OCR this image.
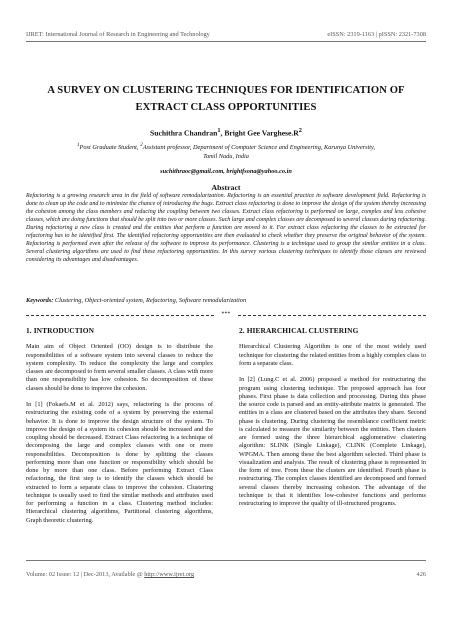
IJRET: International Journal of Research in Engineering and Technology	eISSN: 2319-1163 | pISSN: 2321-7308
A SURVEY ON CLUSTERING TECHNIQUES FOR IDENTIFICATION OF
EXTRACT CLASS OPPORTUNITIES
Suchithra Chandran$^1$, Bright Gee $Varghese.R^2$
$^1$Post Graduate Student, $^2$Assistant professor, Department of Computer Science and Engineering, Karunya University,
Tamil Nadu, India
suchithraoc@gmail.com, brightfsona@yahoo.co.in
Abstract
Refactoring is a growing research area in the field of software remodularization. Refactoring is an essential practice in software development field. Refactoring is done to clean up the code and to minimize the chance of introducing the bugs. Extract class refactoring is done to improve the design of the system thereby increasing the cohesion among the class members and reducing the coupling between two classes. Extract class refactoring is performed on large, complex and less cohesive classes, which are doing functions that should be split into two or more classes. Such large and complex classes are decomposed to several classes during refactoring. During refactoring a new class is created and the entities that perform a function are moved to it. For extract class refactoring the classes to be extracted for refactoring has to be identified first. The identified refactoring opportunities are then evaluated to check whether they preserve the original behavior of the system. Refactoring is performed even after the release of the software to improve its performance. Clustering is a technique used to group the similar entities in a class. Several clustering algorithms are used to find these refactoring opportunities. In this survey various clustering techniques to identify those classes are reviewed considering its advantages and disadvantages.
Keywords: Clustering, Object-oriented system, Refactoring, Software remodularization
***
1. INTRODUCTION

Main aim of Object Oriented (OO) design is to distribute the responsibilities of a software system into several classes to reduce the system complexity. To reduce the complexity the large and complex classes are decomposed to form several smaller classes. A class with more than one responsibility has low cohesion. So decomposition of these classes should be done to improve the cohesion.

In [1] (Fokaefs.M et al. 2012) says, refactoring is the process of restructuring the existing code of a system by preserving the external behavior. It is done to improve the design structure of the system. To improve the design of a system its cohesion should be increased and the coupling should be decreased. Extract Class refactoring is a technique of decomposing the large and complex classes with one or more responsibilities. Decomposition is done by splitting the classes performing more than one function or responsibility which should be done by more than one class. Before performing Extract Class refactoring, the first step is to identify the classes which should be extracted to form a separate class to improve the cohesion. Clustering technique is usually used to find the similar methods and attributes used for performing a function in a class. Clustering method includes: Hierarchical clustering algorithms, Partitional clustering algorithms, Graph theoretic clustering.

2. HIERARCHICAL CLUSTERING

Hierarchical Clustering Algorithm is one of the most widely used technique for clustering the related entities from a highly complex class to form a separate class.

In [2] (Lung.C et al. 2006) proposed a method for restructuring the program using clustering technique. The proposed approach has four phases. First phase is data collection and processing. During this phase the source code is parsed and an entity-attribute matrix is generated. The entities in a class are clustered based on the attributes they share. Second phase is clustering. During clustering the resemblance coefficient metric is calculated to measure the similarity between the entities. Then clusters are formed using the three hierarchical agglomerative clustering algorithm: SLINK (Single Linkage), CLINK (Complete Linkage), WPGMA. Then among these the best algorithm selected. Third phase is visualization and analysis. The result of clustering phase is represented in the form of tree. From these the clusters are identified. Fourth phase is restructuring. The complex classes identified are decomposed and formed several classes thereby increasing cohesion. The advantage of the technique is that it identifies low-cohesive functions and performs restructuring to improve the quality of ill-structured programs.

Volume: 02 Issue: 12 | Dec-2013, Available @ http://www.ijret.org	426
